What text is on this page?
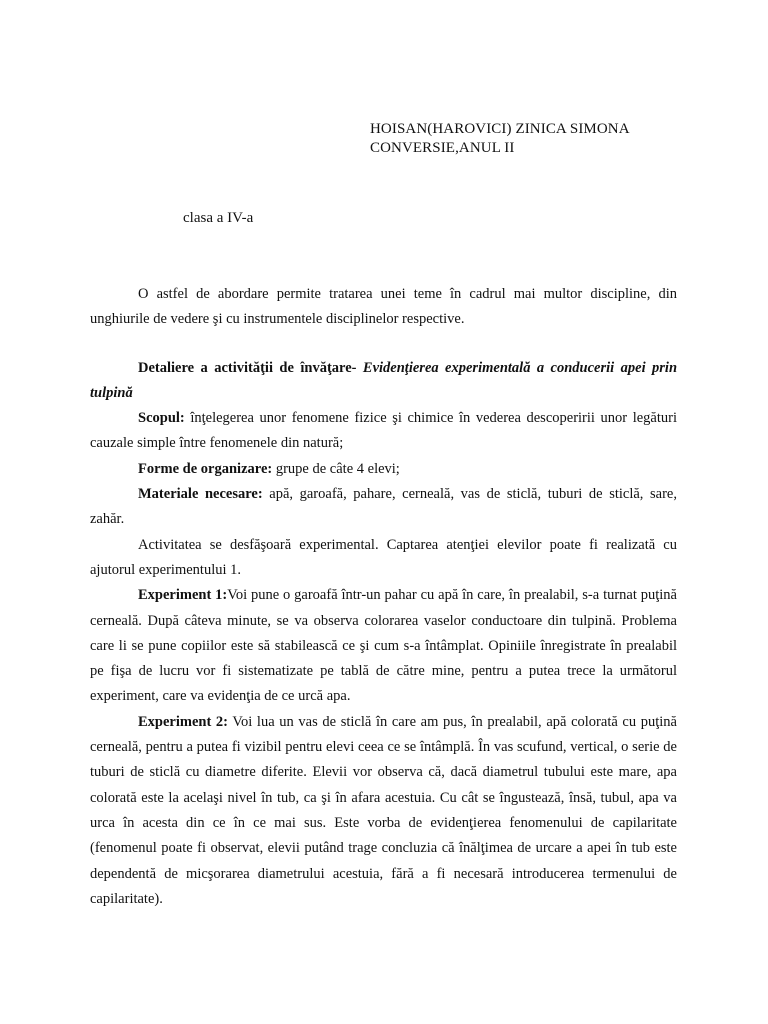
HOISAN(HAROVICI) ZINICA SIMONA
CONVERSIE,ANUL II
clasa a IV-a

O astfel de abordare permite tratarea unei teme în cadrul mai multor discipline, din unghiurile de vedere şi cu instrumentele disciplinelor respective.

Detaliere a activităţii de învăţare- Evidenţierea experimentală a conducerii apei prin tulpină

Scopul: înţelegerea unor fenomene fizice şi chimice în vederea descoperirii unor legături cauzale simple între fenomenele din natură;

Forme de organizare: grupe de câte 4 elevi;

Materiale necesare: apă, garoafă, pahare, cerneală, vas de sticlă, tuburi de sticlă, sare, zahăr.

Activitatea se desfăşoară experimental. Captarea atenţiei elevilor poate fi realizată cu ajutorul experimentului 1.

Experiment 1:Voi pune o garoafă într-un pahar cu apă în care, în prealabil, s-a turnat puţină cerneală. După câteva minute, se va observa colorarea vaselor conductoare din tulpină. Problema care li se pune copiilor este să stabilească ce şi cum s-a întâmplat. Opiniile înregistrate în prealabil pe fişa de lucru vor fi sistematizate pe tablă de către mine, pentru a putea trece la următorul experiment, care va evidenţia de ce urcă apa.

Experiment 2: Voi lua un vas de sticlă în care am pus, în prealabil, apă colorată cu puţină cerneală, pentru a putea fi vizibil pentru elevi ceea ce se întâmplă. În vas scufund, vertical, o serie de tuburi de sticlă cu diametre diferite. Elevii vor observa că, dacă diametrul tubului este mare, apa colorată este la acelaşi nivel în tub, ca şi în afara acestuia. Cu cât se îngustează, însă, tubul, apa va urca în acesta din ce în ce mai sus. Este vorba de evidenţierea fenomenului de capilaritate (fenomenul poate fi observat, elevii putând trage concluzia că înălţimea de urcare a apei în tub este dependentă de micşorarea diametrului acestuia, fără a fi necesară introducerea termenului de capilaritate).
